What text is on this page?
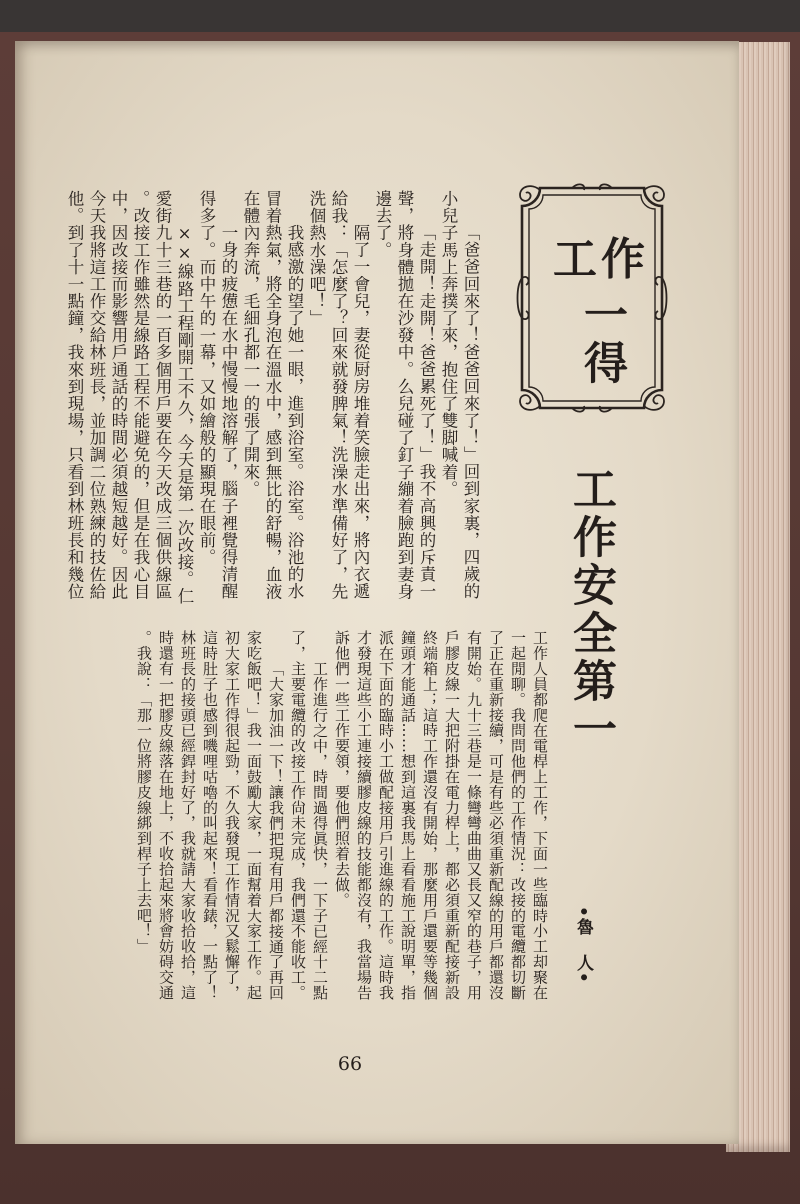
工作
一得
工作安全第一
•魯　人•
「爸爸回來了！爸爸回來了！」回到家裏，四歲的
小兒子馬上奔撲了來，抱住了雙脚喊着。
「走開！走開！爸爸累死了！」我不高興的斥責一
聲，將身體拋在沙發中。么兒碰了釘子繃着臉跑到妻身
邊去了。
隔了一會兒，妻從厨房堆着笑臉走出來，將內衣遞
給我：「怎麼了？回來就發脾氣！洗澡水準備好了，先
洗個熱水澡吧！」
我感激的望了她一眼，進到浴室。浴室。浴池的水
冒着熱氣，將全身泡在溫水中，感到無比的舒暢，血液
在體內奔流，毛細孔都一一的張了開來。
一身的疲憊在水中慢慢地溶解了，腦子裡覺得清醒
得多了。而中午的一幕，又如繪般的顯現在眼前。
××線路工程剛開工不久，今天是第一次改接。仁
愛街九十三巷的一百多個用戶要在今天改成三個供線區
。改接工作雖然是線路工程不能避免的，但是在我心目
中，因改接而影響用戶通話的時間必須越短越好。因此
今天我將這工作交給林班長，並加調二位熟練的技佐給
他。到了十一點鐘，我來到現場，只看到林班長和幾位
工作人員都爬在電桿上工作，下面一些臨時小工却聚在
一起閒聊。我問問他們的工作情況：改接的電纜都切斷
了正在重新接續，可是有些必須重新配線的用戶都還沒
有開始。九十三巷是一條彎彎曲曲又長又窄的巷子，用
戶膠皮線一大把附掛在電力桿上，都必須重新配接新設
終端箱上；這時工作還沒有開始，那麼用戶還要等幾個
鐘頭才能通話……想到這裏我馬上看看施工說明單，指
派在下面的臨時小工做配接用戶引進線的工作。這時我
才發現這些小工連接續膠皮線的技能都沒有，我當場告
訴他們一些工作要領，要他們照着去做。
工作進行之中，時間過得眞快，一下子已經十二點
了，主要電纜的改接工作尙未完成，我們還不能收工。
「大家加油一下！讓我們把現有用戶都接通了再回
家吃飯吧！」我一面鼓勵大家，一面幫着大家工作。起
初大家工作得很起勁，不久我發現工作情況又鬆懈了，
這時肚子也感到嘰哩咕嚕的叫起來！看看錶，一點了！
林班長的接頭已經銲封好了，我就請大家收拾收拾，這
時還有一把膠皮線落在地上，不收拾起來將會妨碍交通
。我說：「那一位將膠皮線綁到桿子上去吧！」
66
